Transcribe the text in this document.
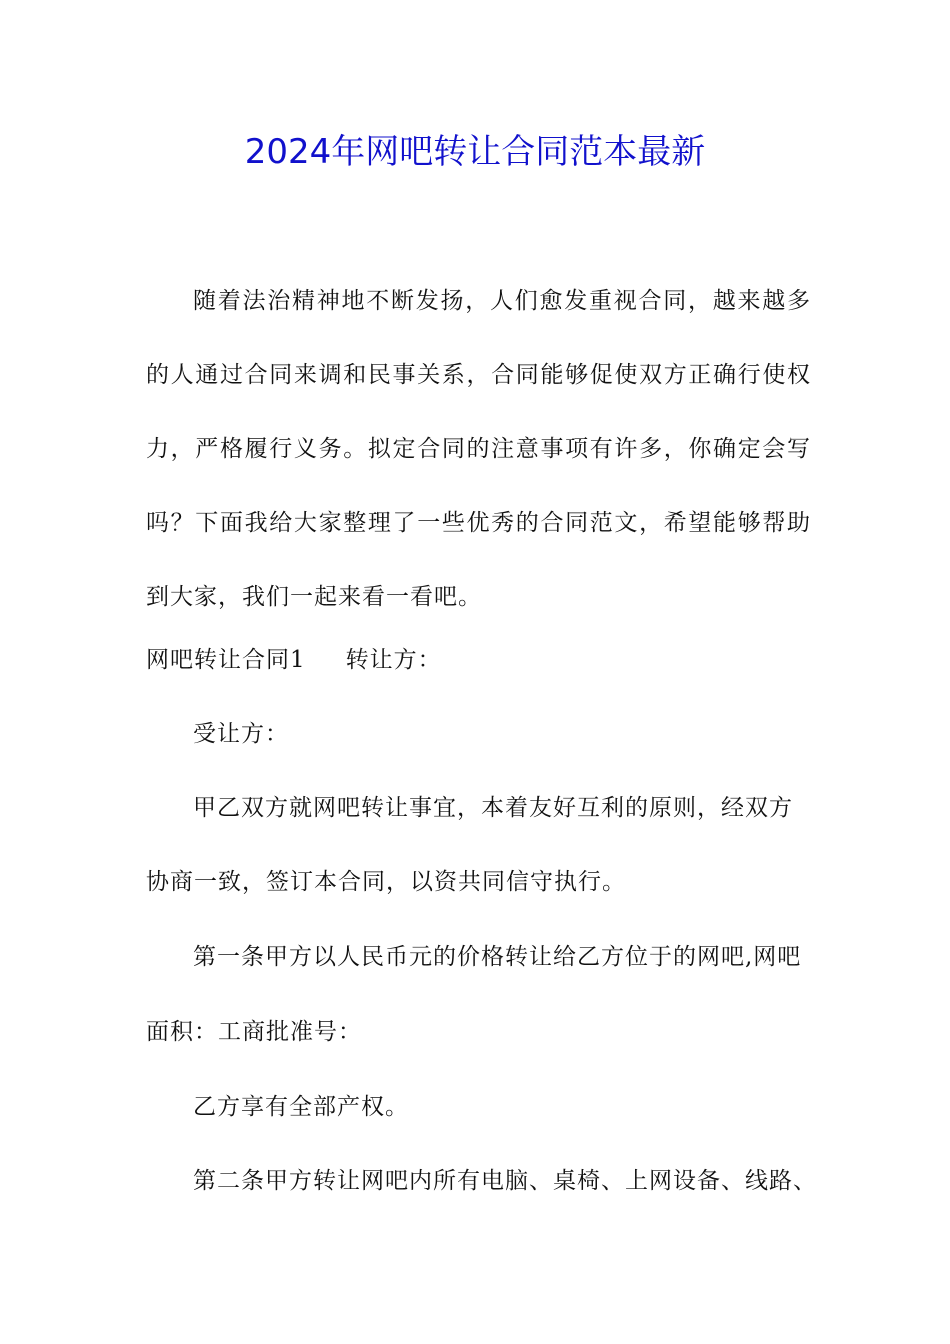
2024年网吧转让合同范本最新

随着法治精神地不断发扬，人们愈发重视合同，越来越多的人通过合同来调和民事关系，合同能够促使双方正确行使权力，严格履行义务。拟定合同的注意事项有许多，你确定会写吗？下面我给大家整理了一些优秀的合同范文，希望能够帮助到大家，我们一起来看一看吧。

网吧转让合同1 转让方：
受让方：
甲乙双方就网吧转让事宜，本着友好互利的原则，经双方
协商一致，签订本合同，以资共同信守执行。
第一条甲方以人民币元的价格转让给乙方位于的网吧,网吧
面积：工商批准号：
乙方享有全部产权。
第二条甲方转让网吧内所有电脑、桌椅、上网设备、线路、
